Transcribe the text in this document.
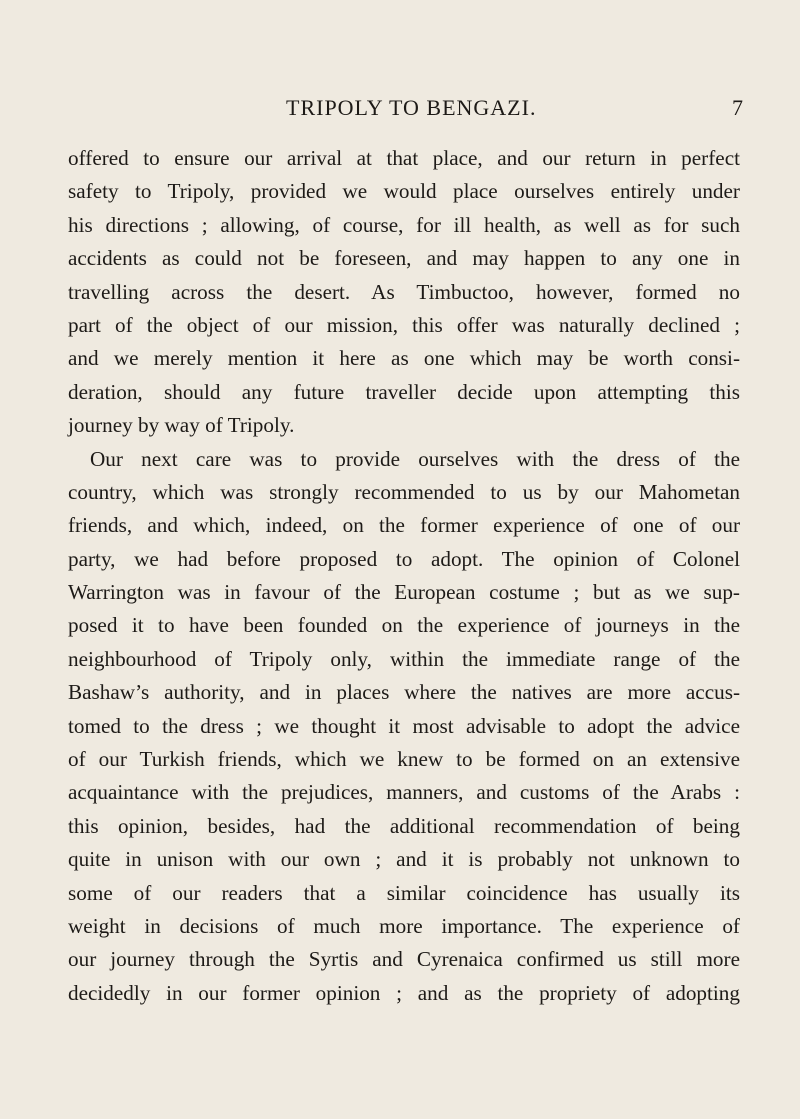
TRIPOLY TO BENGAZI.	7
offered to ensure our arrival at that place, and our return in perfect
safety to Tripoly, provided we would place ourselves entirely under
his directions ; allowing, of course, for ill health, as well as for such
accidents as could not be foreseen, and may happen to any one in
travelling across the desert. As Timbuctoo, however, formed no
part of the object of our mission, this offer was naturally declined ;
and we merely mention it here as one which may be worth consi-
deration, should any future traveller decide upon attempting this
journey by way of Tripoly.
Our next care was to provide ourselves with the dress of the
country, which was strongly recommended to us by our Mahometan
friends, and which, indeed, on the former experience of one of our
party, we had before proposed to adopt. The opinion of Colonel
Warrington was in favour of the European costume ; but as we sup-
posed it to have been founded on the experience of journeys in the
neighbourhood of Tripoly only, within the immediate range of the
Bashaw’s authority, and in places where the natives are more accus-
tomed to the dress ; we thought it most advisable to adopt the advice
of our Turkish friends, which we knew to be formed on an extensive
acquaintance with the prejudices, manners, and customs of the Arabs :
this opinion, besides, had the additional recommendation of being
quite in unison with our own ; and it is probably not unknown to
some of our readers that a similar coincidence has usually its
weight in decisions of much more importance. The experience of
our journey through the Syrtis and Cyrenaica confirmed us still more
decidedly in our former opinion ; and as the propriety of adopting
